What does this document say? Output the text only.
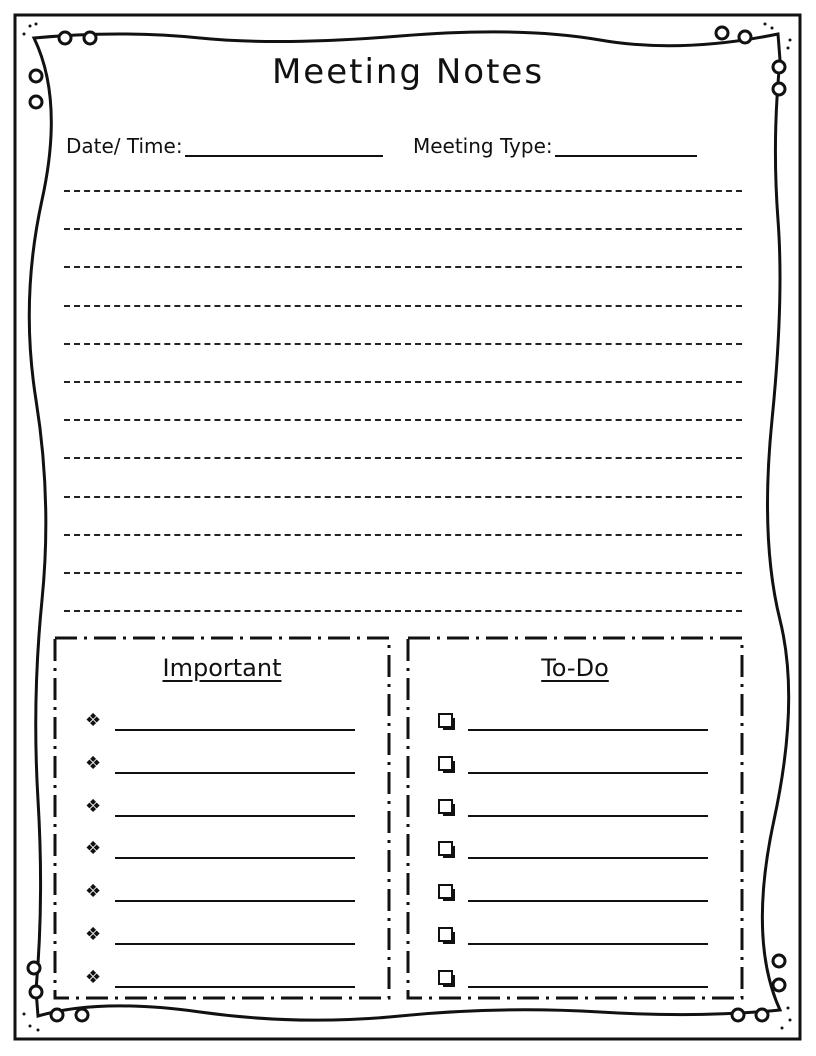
Meeting Notes
Date/ Time:	Meeting Type:
Important
❖
❖
❖
❖
❖
❖
❖
To-Do
